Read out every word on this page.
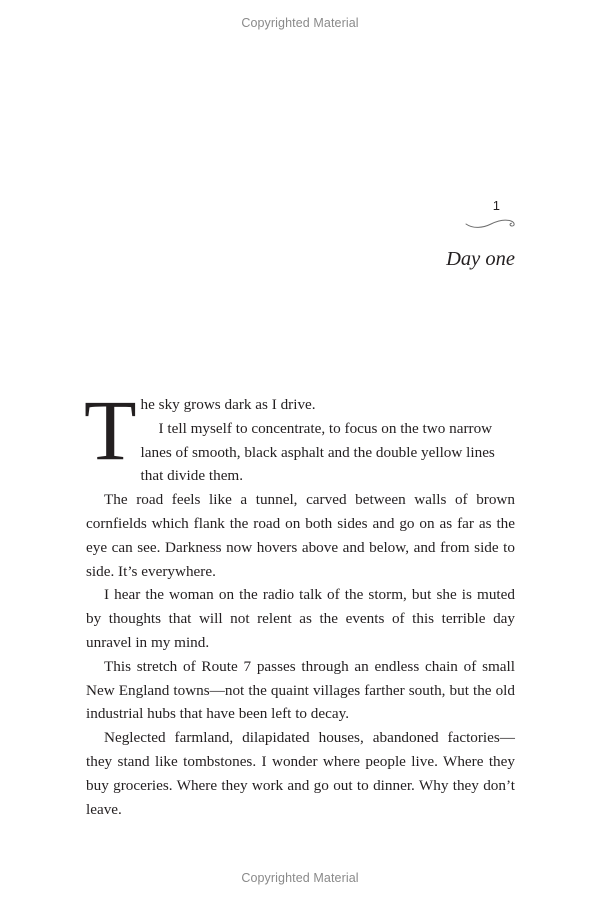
Copyrighted Material
1
Day one

The sky grows dark as I drive.

I tell myself to concentrate, to focus on the two narrow

lanes of smooth, black asphalt and the double yellow lines

that divide them.

The road feels like a tunnel, carved between walls of brown cornfields which flank the road on both sides and go on as far as the eye can see. Darkness now hovers above and below, and from side to side. It’s everywhere.

I hear the woman on the radio talk of the storm, but she is muted by thoughts that will not relent as the events of this terrible day unravel in my mind.

This stretch of Route 7 passes through an endless chain of small New England towns—not the quaint villages farther south, but the old industrial hubs that have been left to decay.

Neglected farmland, dilapidated houses, abandoned factories—they stand like tombstones. I wonder where people live. Where they buy groceries. Where they work and go out to dinner. Why they don’t leave.

Copyrighted Material
